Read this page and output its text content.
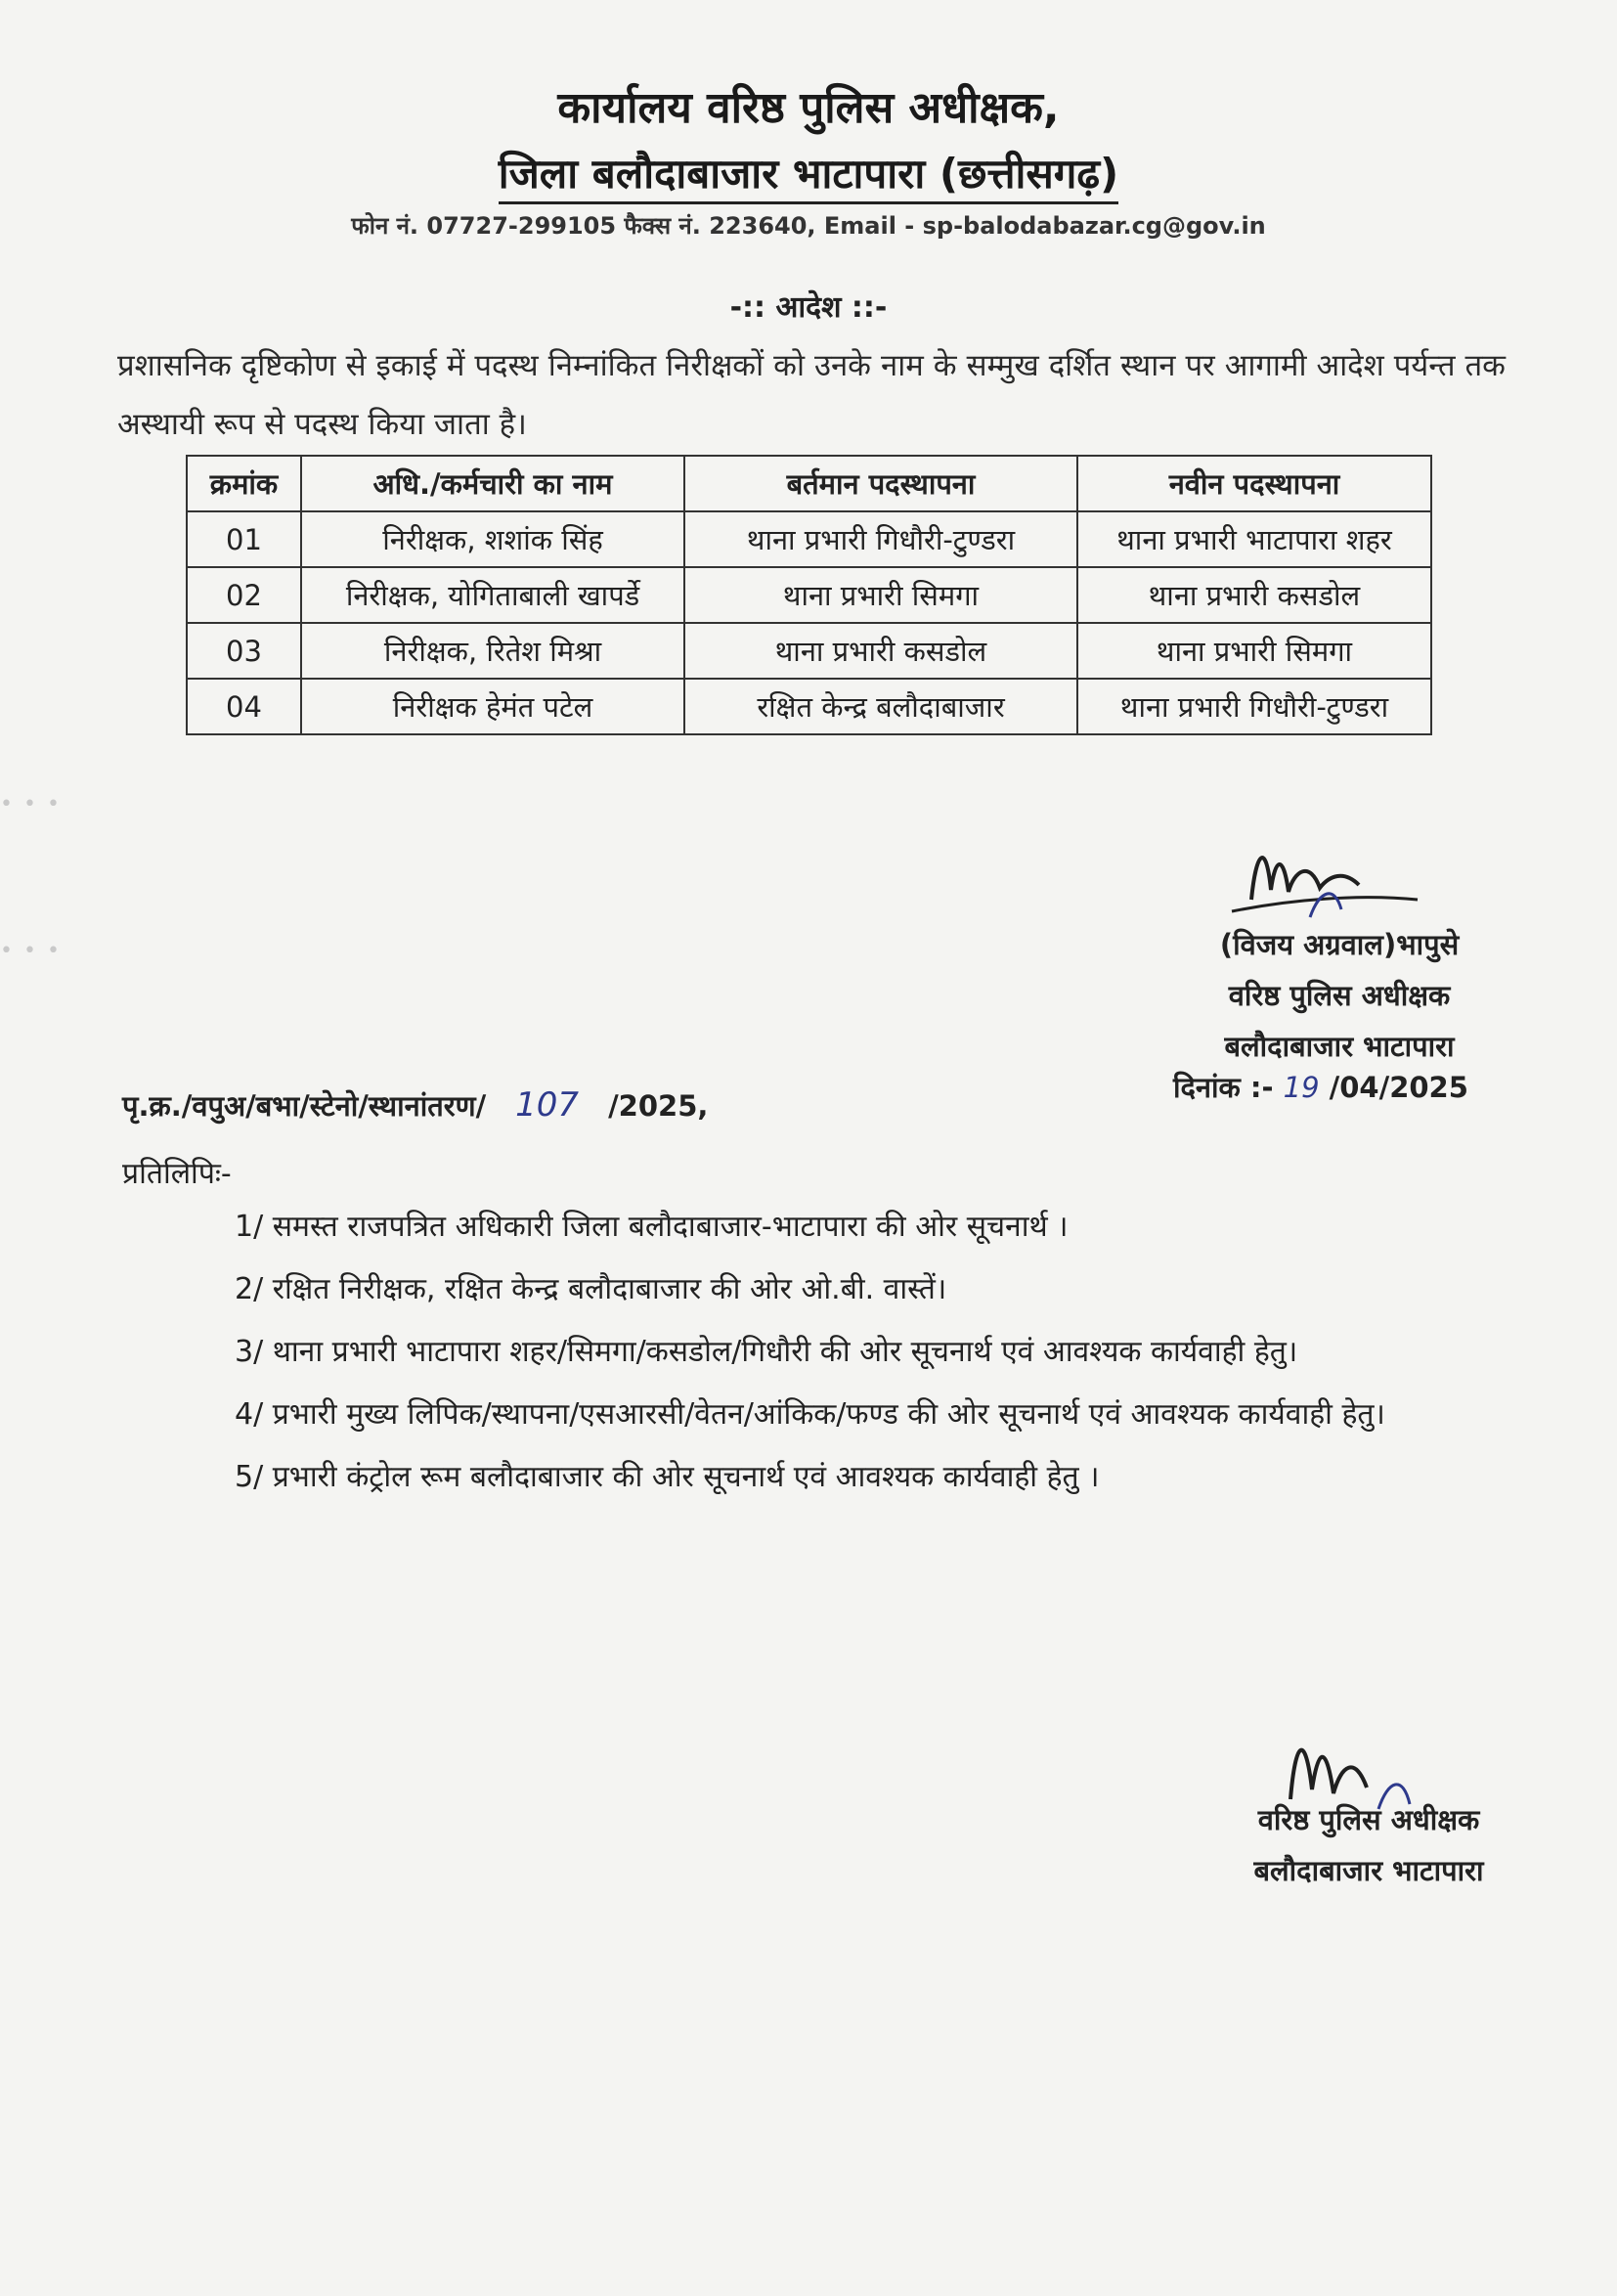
कार्यालय वरिष्ठ पुलिस अधीक्षक,
जिला बलौदाबाजार भाटापारा (छत्तीसगढ़)
फोन नं. 07727-299105 फैक्स नं. 223640, Email - sp-balodabazar.cg@gov.in
-:: आदेश ::-
प्रशासनिक दृष्टिकोण से इकाई में पदस्थ निम्नांकित निरीक्षकों को उनके नाम के सम्मुख दर्शित स्थान पर आगामी आदेश पर्यन्त तक अस्थायी रूप से पदस्थ किया जाता है।
क्रमांक	अधि./कर्मचारी का नाम	बर्तमान पदस्थापना	नवीन पदस्थापना
01	निरीक्षक, शशांक सिंह	थाना प्रभारी गिधौरी-टुण्डरा	थाना प्रभारी भाटापारा शहर
02	निरीक्षक, योगिताबाली खापर्डे	थाना प्रभारी सिमगा	थाना प्रभारी कसडोल
03	निरीक्षक, रितेश मिश्रा	थाना प्रभारी कसडोल	थाना प्रभारी सिमगा
04	निरीक्षक हेमंत पटेल	रक्षित केन्द्र बलौदाबाजार	थाना प्रभारी गिधौरी-टुण्डरा
• • •
• • •	(विजय अग्रवाल)भापुसे
वरिष्ठ पुलिस अधीक्षक
बलौदाबाजार भाटापारा
दिनांक :- 19 /04/2025
पृ.क्र./वपुअ/बभा/स्टेनो/स्थानांतरण/ 107 /2025,
प्रतिलिपिः-
1/ समस्त राजपत्रित अधिकारी जिला बलौदाबाजार-भाटापारा की ओर सूचनार्थ ।
2/ रक्षित निरीक्षक, रक्षित केन्द्र बलौदाबाजार की ओर ओ.बी. वास्तें।
3/ थाना प्रभारी भाटापारा शहर/सिमगा/कसडोल/गिधौरी की ओर सूचनार्थ एवं आवश्यक कार्यवाही हेतु।
4/ प्रभारी मुख्य लिपिक/स्थापना/एसआरसी/वेतन/आंकिक/फण्ड की ओर सूचनार्थ एवं आवश्यक कार्यवाही हेतु।
5/ प्रभारी कंट्रोल रूम बलौदाबाजार की ओर सूचनार्थ एवं आवश्यक कार्यवाही हेतु ।
वरिष्ठ पुलिस अधीक्षक
बलौदाबाजार भाटापारा
